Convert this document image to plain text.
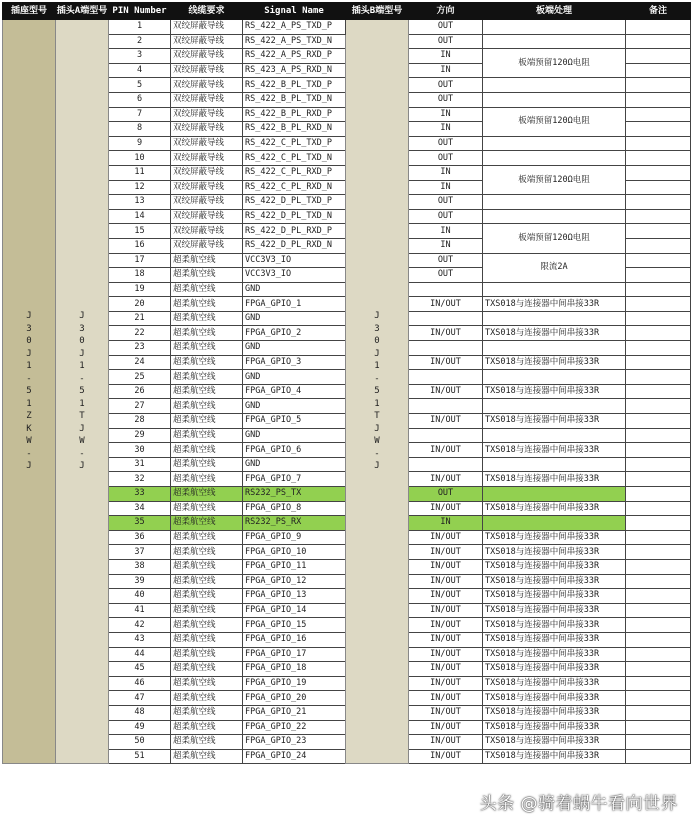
插座型号	插头A端型号	PIN Number	线缆要求	Signal Name	插头B端型号	方向	板端处理	备注
J30J1-51ZKW-J	J30J1-51TJW-J	1	双绞屏蔽导线	RS_422_A_PS_TXD_P	J30J1-51TJW-J	OUT		
		2	双绞屏蔽导线	RS_422_A_PS_TXD_N		OUT		
		3	双绞屏蔽导线	RS_422_A_PS_RXD_P		IN	板端预留120Ω电阻	
		4	双绞屏蔽导线	RS_423_A_PS_RXD_N		IN		
		5	双绞屏蔽导线	RS_422_B_PL_TXD_P		OUT		
		6	双绞屏蔽导线	RS_422_B_PL_TXD_N		OUT		
		7	双绞屏蔽导线	RS_422_B_PL_RXD_P		IN	板端预留120Ω电阻	
		8	双绞屏蔽导线	RS_422_B_PL_RXD_N		IN		
		9	双绞屏蔽导线	RS_422_C_PL_TXD_P		OUT		
		10	双绞屏蔽导线	RS_422_C_PL_TXD_N		OUT		
		11	双绞屏蔽导线	RS_422_C_PL_RXD_P		IN	板端预留120Ω电阻	
		12	双绞屏蔽导线	RS_422_C_PL_RXD_N		IN		
		13	双绞屏蔽导线	RS_422_D_PL_TXD_P		OUT		
		14	双绞屏蔽导线	RS_422_D_PL_TXD_N		OUT		
		15	双绞屏蔽导线	RS_422_D_PL_RXD_P		IN	板端预留120Ω电阻	
		16	双绞屏蔽导线	RS_422_D_PL_RXD_N		IN		
		17	超柔航空线	VCC3V3_IO		OUT	限流2A	
		18	超柔航空线	VCC3V3_IO		OUT		
		19	超柔航空线	GND				
		20	超柔航空线	FPGA_GPIO_1		IN/OUT	TXS018与连接器中间串接33R	
		21	超柔航空线	GND				
		22	超柔航空线	FPGA_GPIO_2		IN/OUT	TXS018与连接器中间串接33R	
		23	超柔航空线	GND				
		24	超柔航空线	FPGA_GPIO_3		IN/OUT	TXS018与连接器中间串接33R	
		25	超柔航空线	GND				
		26	超柔航空线	FPGA_GPIO_4		IN/OUT	TXS018与连接器中间串接33R	
		27	超柔航空线	GND				
		28	超柔航空线	FPGA_GPIO_5		IN/OUT	TXS018与连接器中间串接33R	
		29	超柔航空线	GND				
		30	超柔航空线	FPGA_GPIO_6		IN/OUT	TXS018与连接器中间串接33R	
		31	超柔航空线	GND				
		32	超柔航空线	FPGA_GPIO_7		IN/OUT	TXS018与连接器中间串接33R	
		33	超柔航空线	RS232_PS_TX		OUT		
		34	超柔航空线	FPGA_GPIO_8		IN/OUT	TXS018与连接器中间串接33R	
		35	超柔航空线	RS232_PS_RX		IN		
		36	超柔航空线	FPGA_GPIO_9		IN/OUT	TXS018与连接器中间串接33R	
		37	超柔航空线	FPGA_GPIO_10		IN/OUT	TXS018与连接器中间串接33R	
		38	超柔航空线	FPGA_GPIO_11		IN/OUT	TXS018与连接器中间串接33R	
		39	超柔航空线	FPGA_GPIO_12		IN/OUT	TXS018与连接器中间串接33R	
		40	超柔航空线	FPGA_GPIO_13		IN/OUT	TXS018与连接器中间串接33R	
		41	超柔航空线	FPGA_GPIO_14		IN/OUT	TXS018与连接器中间串接33R	
		42	超柔航空线	FPGA_GPIO_15		IN/OUT	TXS018与连接器中间串接33R	
		43	超柔航空线	FPGA_GPIO_16		IN/OUT	TXS018与连接器中间串接33R	
		44	超柔航空线	FPGA_GPIO_17		IN/OUT	TXS018与连接器中间串接33R	
		45	超柔航空线	FPGA_GPIO_18		IN/OUT	TXS018与连接器中间串接33R	
		46	超柔航空线	FPGA_GPIO_19		IN/OUT	TXS018与连接器中间串接33R	
		47	超柔航空线	FPGA_GPIO_20		IN/OUT	TXS018与连接器中间串接33R	
		48	超柔航空线	FPGA_GPIO_21		IN/OUT	TXS018与连接器中间串接33R	
		49	超柔航空线	FPGA_GPIO_22		IN/OUT	TXS018与连接器中间串接33R	
		50	超柔航空线	FPGA_GPIO_23		IN/OUT	TXS018与连接器中间串接33R	
		51	超柔航空线	FPGA_GPIO_24		IN/OUT	TXS018与连接器中间串接33R	
头条 @骑着蜗牛看向世界
